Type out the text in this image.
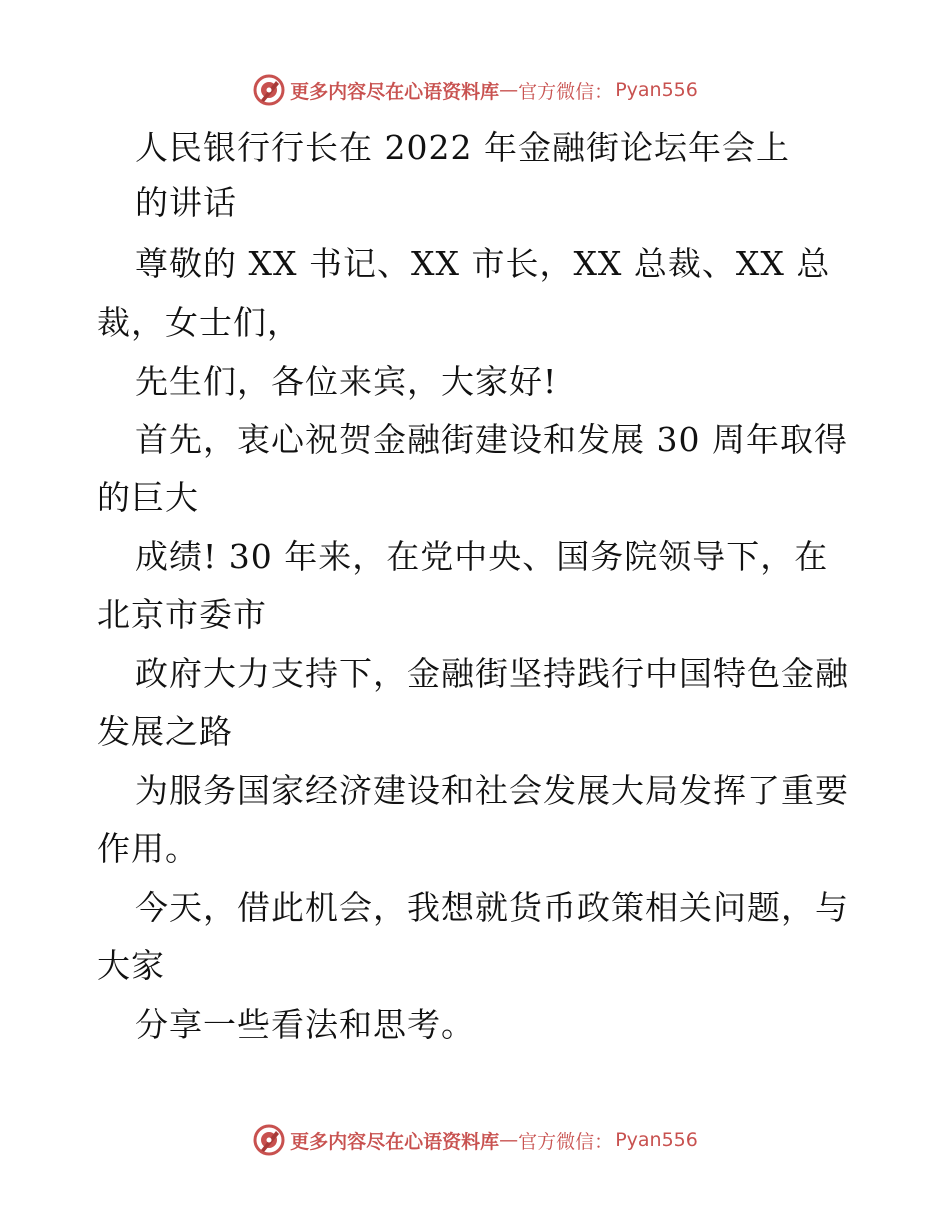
更多内容尽在心语资料库 — 官方微信： Pyan556
人民银行行长在 2022 年金融街论坛年会上
的讲话
尊敬的 XX 书记、XX 市长，XX 总裁、XX 总
裁，女士们，
先生们，各位来宾，大家好!
首先，衷心祝贺金融街建设和发展 30 周年取得
的巨大
成绩! 30 年来，在党中央、国务院领导下，在
北京市委市
政府大力支持下，金融街坚持践行中国特色金融
发展之路
为服务国家经济建设和社会发展大局发挥了重要
作用。
今天，借此机会，我想就货币政策相关问题，与
大家
分享一些看法和思考。
更多内容尽在心语资料库 — 官方微信： Pyan556
